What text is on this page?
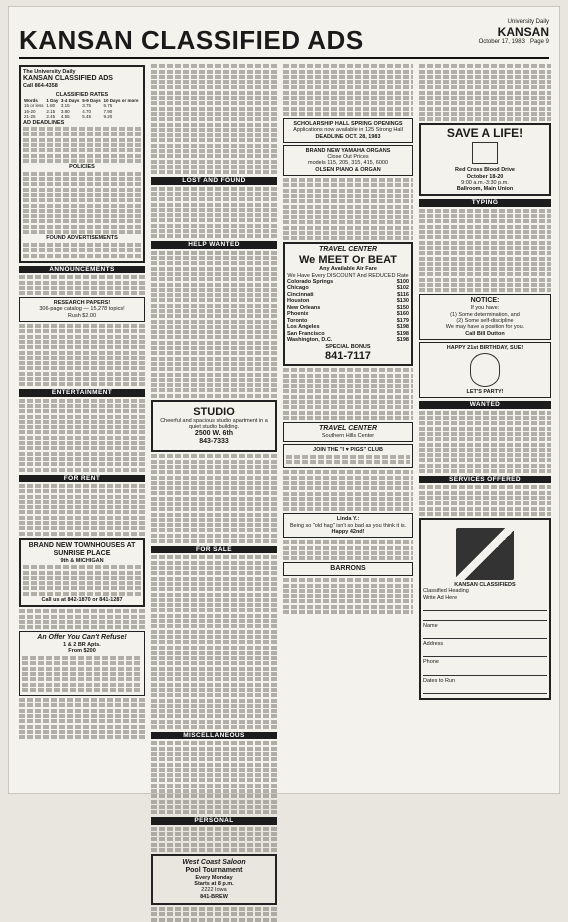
KANSAN CLASSIFIED ADS
University Daily
KANSAN
October 17, 1983 Page 9
The University Daily
KANSAN CLASSIFIED ADS
Call 864-4358
CLASSIFIED RATES
Words	1 Day	3-4 Days	5-9 Days	10 Days or more
15 or less	1.80	3.15	3.75	6.75
16-20	2.15	3.80	4.70	7.90
21-25	2.45	4.55	5.45	9.20
AD DEADLINES
POLICIES
FOUND ADVERTISEMENTS
ANNOUNCEMENTS
RESEARCH PAPERS!
306-page catalog — 15,278 topics!
Rush $2.00
ENTERTAINMENT
FOR RENT
BRAND NEW TOWNHOUSES AT SUNRISE PLACE
9th & MICHIGAN
Call us at 842-1870 or 841-1287
An Offer You Can't Refuse!
1 & 2 BR Apts.
From $200
LOST AND FOUND
HELP WANTED
STUDIO
Cheerful and spacious studio apartment in a quiet studio building.
2500 W. 6th
843-7333
FOR SALE
MISCELLANEOUS
PERSONAL
West Coast Saloon
Pool Tournament
Every Monday
Starts at 8 p.m.
2222 Iowa
841-BREW
SCHOLARSHIP HALL SPRING OPENINGS
Applications now available in 125 Strong Hall
DEADLINE OCT. 28, 1983
BRAND NEW YAMAHA ORGANS
Close Out Prices
models 115, 205, 315, 415, 6000
OLSEN PIANO & ORGAN
TRAVEL CENTER
We MEET Or BEAT
Any Available Air Fare
We Have Every DISCOUNT And REDUCED Rate
Colorado Springs	$100
Chicago	$102
Cincinnati	$116
Houston	$130
New Orleans	$150
Phoenix	$160
Toronto	$179
Los Angeles	$198
San Francisco	$198
Washington, D.C.	$198
SPECIAL BONUS
841-7117
TRAVEL CENTER
Southern Hills Center
JOIN THE "I ♥ PIGS" CLUB
Linda Y.:
Being so "old hag" isn't so bad as you think it is.
Happy 42nd!
BARRONS
SAVE A LIFE!
Red Cross Blood Drive
October 18-20
9:00 a.m.-3:30 p.m.
Ballroom, Main Union
TYPING
NOTICE:
If you have:
(1) Some determination, and
(2) Some self-discipline
We may have a position for you.
Call Bill Dutton
HAPPY 21st BIRTHDAY, SUE!
LET'S PARTY!
WANTED
SERVICES OFFERED
KANSAN CLASSIFIEDS
Classified Heading
Write Ad Here
Name
Address
Phone
Dates to Run
